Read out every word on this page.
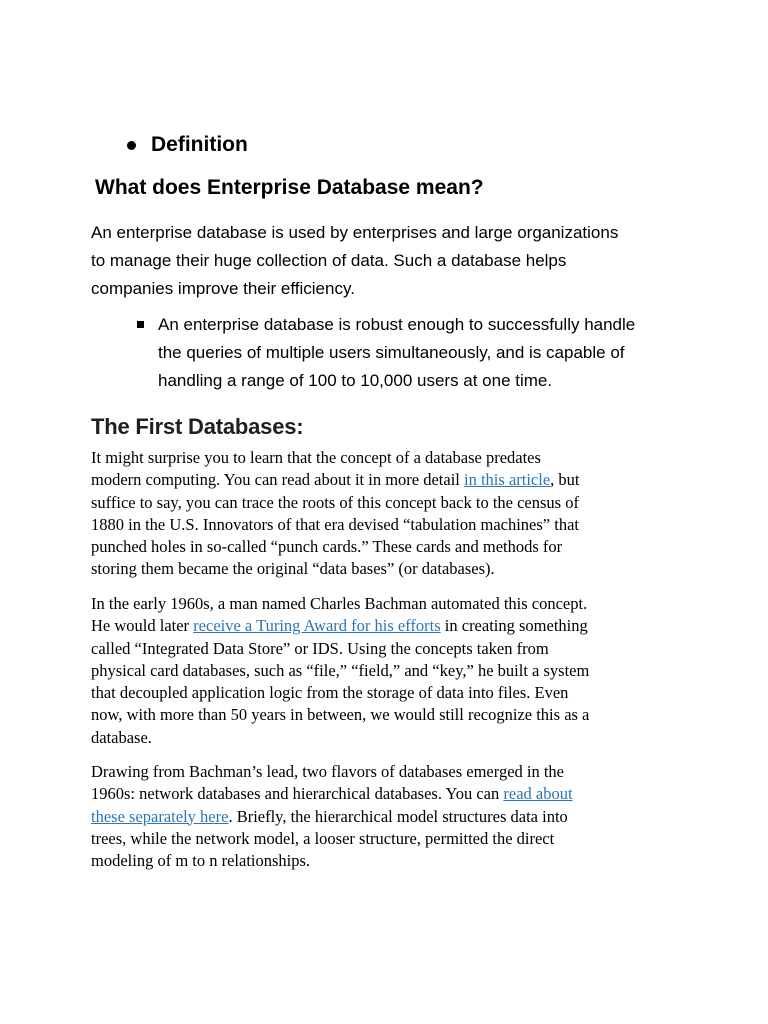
Definition
What does Enterprise Database mean?
An enterprise database is used by enterprises and large organizations
to manage their huge collection of data. Such a database helps
companies improve their efficiency.
An enterprise database is robust enough to successfully handle
the queries of multiple users simultaneously, and is capable of
handling a range of 100 to 10,000 users at one time.
The First Databases:
It might surprise you to learn that the concept of a database predates
modern computing. You can read about it in more detail in this article, but
suffice to say, you can trace the roots of this concept back to the census of
1880 in the U.S. Innovators of that era devised “tabulation machines” that
punched holes in so-called “punch cards.” These cards and methods for
storing them became the original “data bases” (or databases).
In the early 1960s, a man named Charles Bachman automated this concept.
He would later receive a Turing Award for his efforts in creating something
called “Integrated Data Store” or IDS. Using the concepts taken from
physical card databases, such as “file,” “field,” and “key,” he built a system
that decoupled application logic from the storage of data into files. Even
now, with more than 50 years in between, we would still recognize this as a
database.
Drawing from Bachman’s lead, two flavors of databases emerged in the
1960s: network databases and hierarchical databases. You can read about
these separately here. Briefly, the hierarchical model structures data into
trees, while the network model, a looser structure, permitted the direct
modeling of m to n relationships.
